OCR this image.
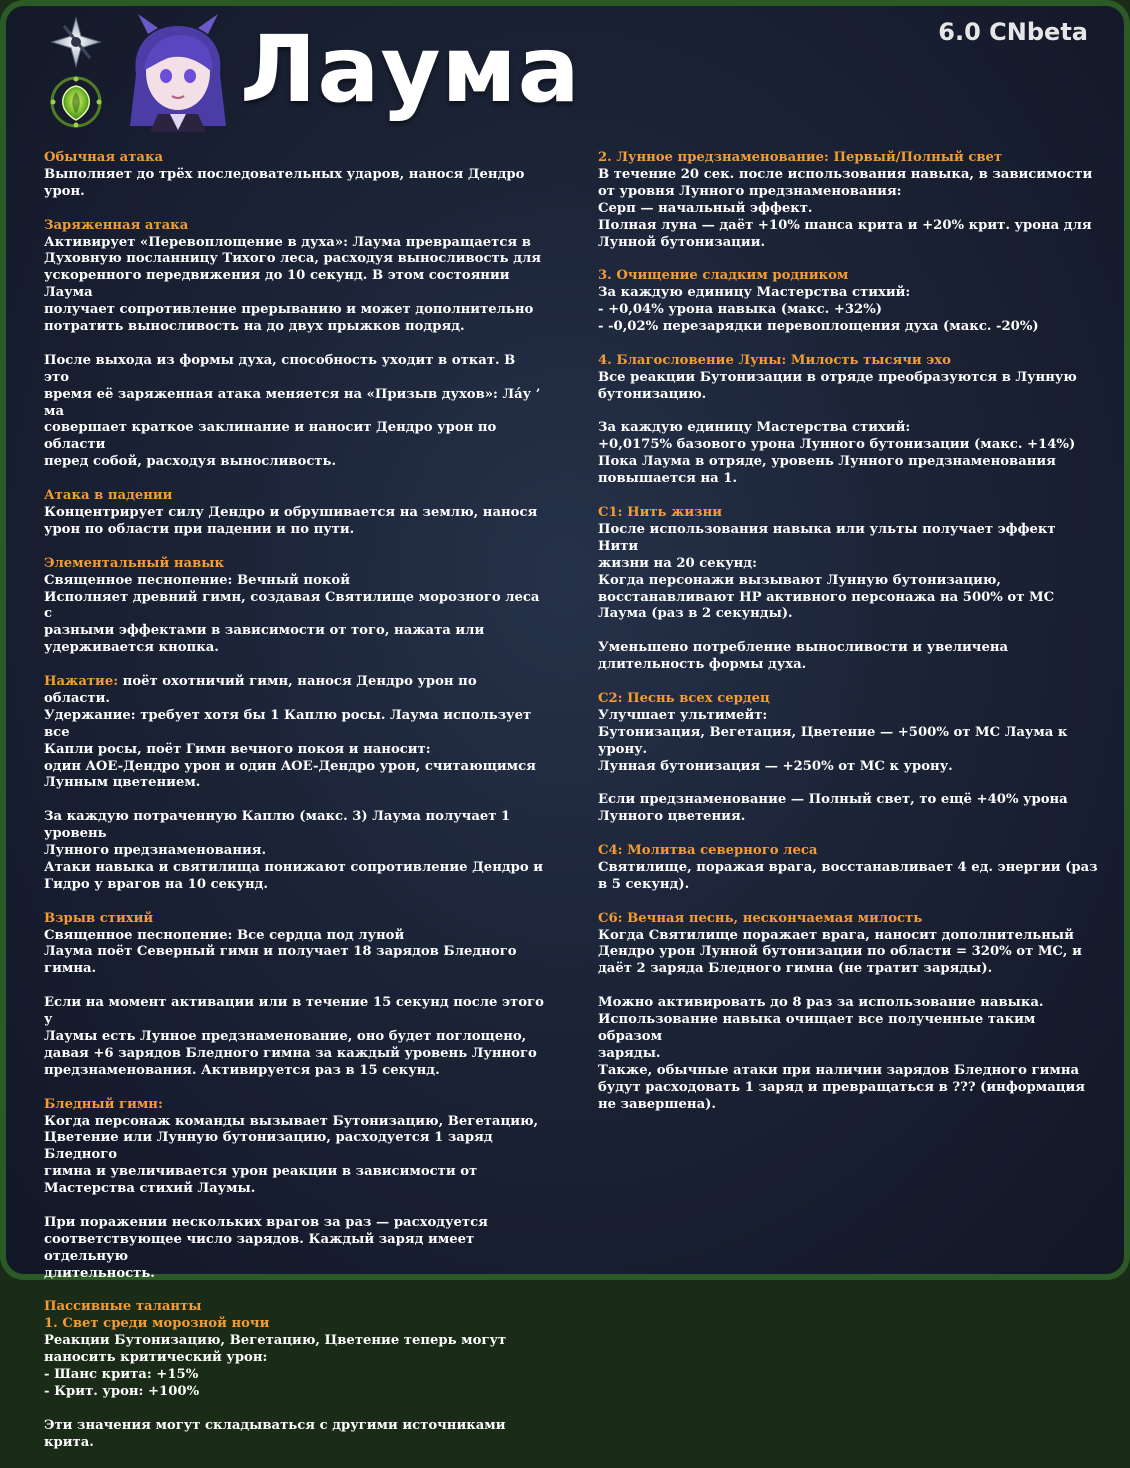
Лаума	6.0 CNbeta
Обычная атака
Выполняет до трёх последовательных ударов, нанося Дендро
урон.
Заряженная атака
Активирует «Перевоплощение в духа»: Лаума превращается в
Духовную посланницу Тихого леса, расходуя выносливость для
ускоренного передвижения до 10 секунд. В этом состоянии Лаума
получает сопротивление прерыванию и может дополнительно
потратить выносливость на до двух прыжков подряд.
После выхода из формы духа, способность уходит в откат. В это
время её заряженная атака меняется на «Призыв духов»: Лáу ’ ма
совершает краткое заклинание и наносит Дендро урон по области
перед собой, расходуя выносливость.
Атака в падении
Концентрирует силу Дендро и обрушивается на землю, нанося
урон по области при падении и по пути.
Элементальный навык
Священное песнопение: Вечный покой
Исполняет древний гимн, создавая Святилище морозного леса с
разными эффектами в зависимости от того, нажата или
удерживается кнопка.
Нажатие: поёт охотничий гимн, нанося Дендро урон по области.
Удержание: требует хотя бы 1 Каплю росы. Лаума использует все
Капли росы, поёт Гимн вечного покоя и наносит:
один AOE-Дендро урон и один AOE-Дендро урон, считающимся
Лунным цветением.
За каждую потраченную Каплю (макс. 3) Лаума получает 1 уровень
Лунного предзнаменования.
Атаки навыка и святилища понижают сопротивление Дендро и
Гидро у врагов на 10 секунд.
Взрыв стихий
Священное песнопение: Все сердца под луной
Лаума поёт Северный гимн и получает 18 зарядов Бледного
гимна.
Если на момент активации или в течение 15 секунд после этого у
Лаумы есть Лунное предзнаменование, оно будет поглощено,
давая +6 зарядов Бледного гимна за каждый уровень Лунного
предзнаменования. Активируется раз в 15 секунд.
Бледный гимн:
Когда персонаж команды вызывает Бутонизацию, Вегетацию,
Цветение или Лунную бутонизацию, расходуется 1 заряд Бледного
гимна и увеличивается урон реакции в зависимости от
Мастерства стихий Лаумы.
При поражении нескольких врагов за раз — расходуется
соответствующее число зарядов. Каждый заряд имеет отдельную
длительность.
Пассивные таланты
1. Свет среди морозной ночи
Реакции Бутонизацию, Вегетацию, Цветение теперь могут
наносить критический урон:
- Шанс крита: +15%
- Крит. урон: +100%
Эти значения могут складываться с другими источниками крита.
2. Лунное предзнаменование: Первый/Полный свет
В течение 20 сек. после использования навыка, в зависимости
от уровня Лунного предзнаменования:
Серп — начальный эффект.
Полная луна — даёт +10% шанса крита и +20% крит. урона для
Лунной бутонизации.
3. Очищение сладким родником
За каждую единицу Мастерства стихий:
- +0,04% урона навыка (макс. +32%)
- -0,02% перезарядки перевоплощения духа (макс. -20%)
4. Благословение Луны: Милость тысячи эхо
Все реакции Бутонизации в отряде преобразуются в Лунную
бутонизацию.
За каждую единицу Мастерства стихий:
+0,0175% базового урона Лунного бутонизации (макс. +14%)
Пока Лаума в отряде, уровень Лунного предзнаменования
повышается на 1.
C1: Нить жизни
После использования навыка или ульты получает эффект Нити
жизни на 20 секунд:
Когда персонажи вызывают Лунную бутонизацию,
восстанавливают HP активного персонажа на 500% от МС
Лаума (раз в 2 секунды).
Уменьшено потребление выносливости и увеличена
длительность формы духа.
C2: Песнь всех сердец
Улучшает ультимейт:
Бутонизация, Вегетация, Цветение — +500% от МС Лаума к
урону.
Лунная бутонизация — +250% от МС к урону.
Если предзнаменование — Полный свет, то ещё +40% урона
Лунного цветения.
C4: Молитва северного леса
Святилище, поражая врага, восстанавливает 4 ед. энергии (раз
в 5 секунд).
C6: Вечная песнь, нескончаемая милость
Когда Святилище поражает врага, наносит дополнительный
Дендро урон Лунной бутонизации по области = 320% от МС, и
даёт 2 заряда Бледного гимна (не тратит заряды).
Можно активировать до 8 раз за использование навыка.
Использование навыка очищает все полученные таким образом
заряды.
Также, обычные атаки при наличии зарядов Бледного гимна
будут расходовать 1 заряд и превращаться в ??? (информация
не завершена).
